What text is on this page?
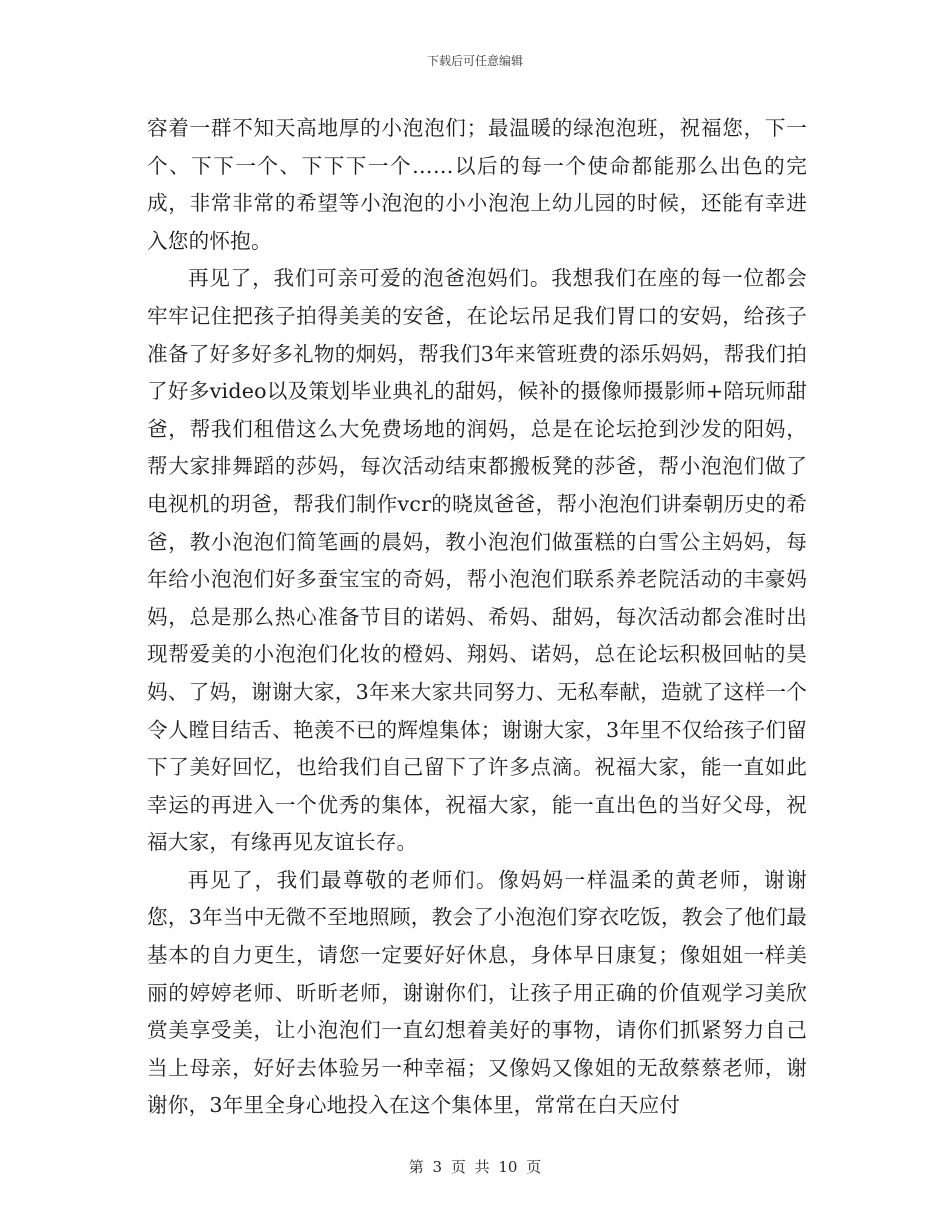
下载后可任意编辑

容着一群不知天高地厚的小泡泡们；最温暖的绿泡泡班，祝福您，下一个、下下一个、下下下一个……以后的每一个使命都能那么出色的完成，非常非常的希望等小泡泡的小小泡泡上幼儿园的时候，还能有幸进入您的怀抱。

再见了，我们可亲可爱的泡爸泡妈们。我想我们在座的每一位都会牢牢记住把孩子拍得美美的安爸，在论坛吊足我们胃口的安妈，给孩子准备了好多好多礼物的炯妈，帮我们3年来管班费的添乐妈妈，帮我们拍了好多video以及策划毕业典礼的甜妈，候补的摄像师摄影师+陪玩师甜爸，帮我们租借这么大免费场地的润妈，总是在论坛抢到沙发的阳妈，帮大家排舞蹈的莎妈，每次活动结束都搬板凳的莎爸，帮小泡泡们做了电视机的玥爸，帮我们制作vcr的晓岚爸爸，帮小泡泡们讲秦朝历史的希爸，教小泡泡们简笔画的晨妈，教小泡泡们做蛋糕的白雪公主妈妈，每年给小泡泡们好多蚕宝宝的奇妈，帮小泡泡们联系养老院活动的丰豪妈妈，总是那么热心准备节目的诺妈、希妈、甜妈，每次活动都会准时出现帮爱美的小泡泡们化妆的橙妈、翔妈、诺妈，总在论坛积极回帖的昊妈、了妈，谢谢大家，3年来大家共同努力、无私奉献，造就了这样一个令人瞠目结舌、艳羡不已的辉煌集体；谢谢大家，3年里不仅给孩子们留下了美好回忆，也给我们自己留下了许多点滴。祝福大家，能一直如此幸运的再进入一个优秀的集体，祝福大家，能一直出色的当好父母，祝福大家，有缘再见友谊长存。

再见了，我们最尊敬的老师们。像妈妈一样温柔的黄老师，谢谢您，3年当中无微不至地照顾，教会了小泡泡们穿衣吃饭，教会了他们最基本的自力更生，请您一定要好好休息，身体早日康复；像姐姐一样美丽的婷婷老师、昕昕老师，谢谢你们，让孩子用正确的价值观学习美欣赏美享受美，让小泡泡们一直幻想着美好的事物，请你们抓紧努力自己当上母亲，好好去体验另一种幸福；又像妈又像姐的无敌蔡蔡老师，谢谢你，3年里全身心地投入在这个集体里，常常在白天应付

第 3 页 共 10 页
